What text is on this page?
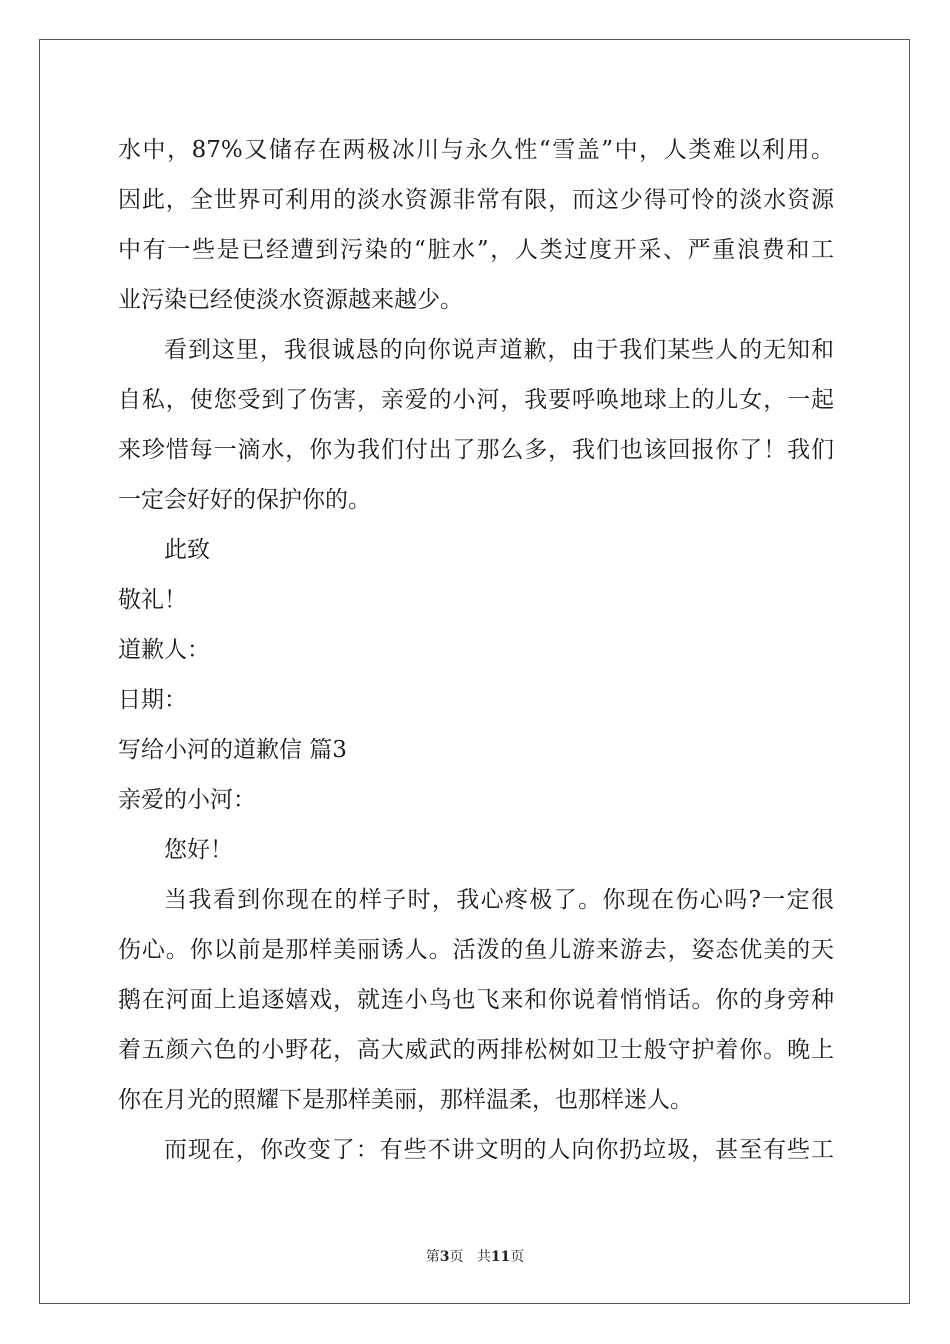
水中，87%又储存在两极冰川与永久性“雪盖”中，人类难以利用。
因此，全世界可利用的淡水资源非常有限，而这少得可怜的淡水资源
中有一些是已经遭到污染的“脏水”，人类过度开采、严重浪费和工
业污染已经使淡水资源越来越少。
看到这里，我很诚恳的向你说声道歉，由于我们某些人的无知和
自私，使您受到了伤害，亲爱的小河，我要呼唤地球上的儿女，一起
来珍惜每一滴水，你为我们付出了那么多，我们也该回报你了！我们
一定会好好的保护你的。
此致
敬礼！
道歉人：
日期：
写给小河的道歉信 篇3
亲爱的小河：
您好！
当我看到你现在的样子时，我心疼极了。你现在伤心吗?一定很
伤心。你以前是那样美丽诱人。活泼的鱼儿游来游去，姿态优美的天
鹅在河面上追逐嬉戏，就连小鸟也飞来和你说着悄悄话。你的身旁种
着五颜六色的小野花，高大威武的两排松树如卫士般守护着你。晚上
你在月光的照耀下是那样美丽，那样温柔，也那样迷人。
而现在，你改变了：有些不讲文明的人向你扔垃圾，甚至有些工
第3页 共11页
